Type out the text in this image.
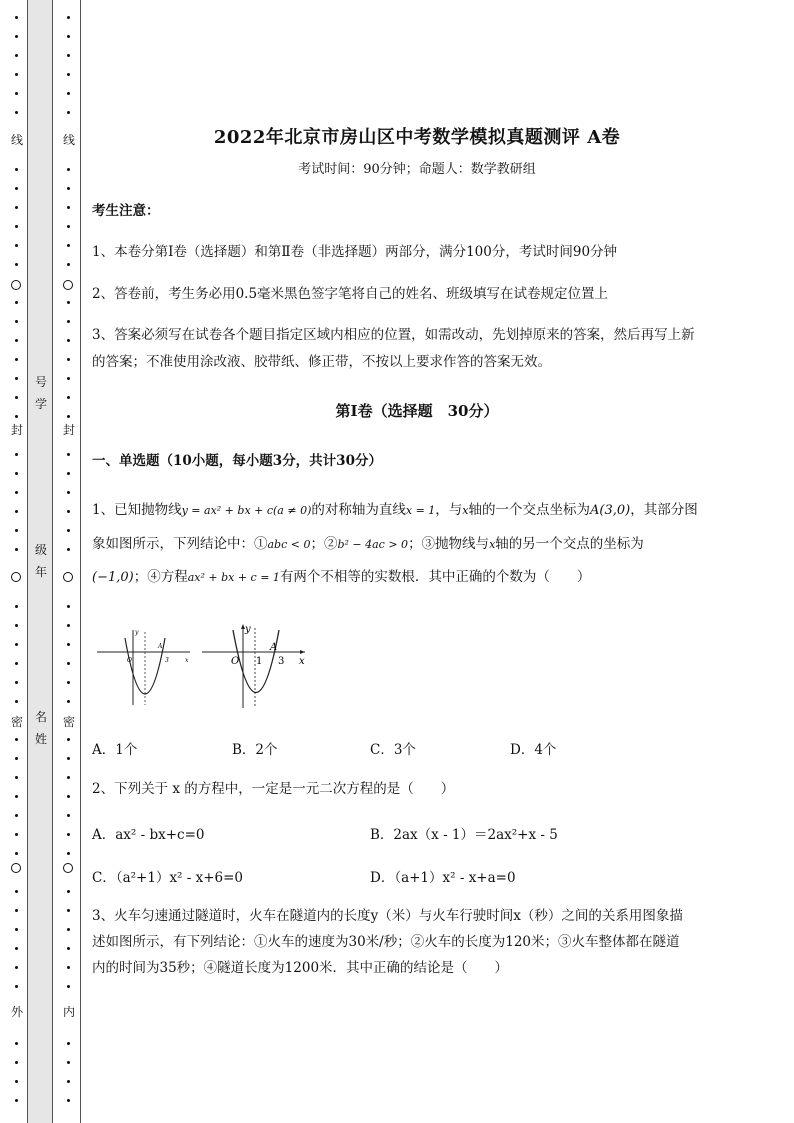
线
封
密
外
号
学
级
年
名
姓
线
封
密
内
2022年北京市房山区中考数学模拟真题测评 A卷
考试时间：90分钟；命题人：数学教研组
考生注意：
1、本卷分第Ⅰ卷（选择题）和第Ⅱ卷（非选择题）两部分，满分100分，考试时间90分钟
2、答卷前，考生务必用0.5毫米黑色签字笔将自己的姓名、班级填写在试卷规定位置上
3、答案必须写在试卷各个题目指定区域内相应的位置，如需改动，先划掉原来的答案，然后再写上新
的答案；不准使用涂改液、胶带纸、修正带，不按以上要求作答的答案无效。
第Ⅰ卷（选择题　30分）
一、单选题（10小题，每小题3分，共计30分）
1、已知抛物线y = ax² + bx + c(a ≠ 0)的对称轴为直线x = 1，与x轴的一个交点坐标为A(3,0)，其部分图
象如图所示，下列结论中：①abc < 0；②b² − 4ac > 0；③抛物线与x轴的另一个交点的坐标为
(−1,0)；④方程ax² + bx + c = 1有两个不相等的实数根．其中正确的个数为（　　）
y
O
A
3	x
y
O 1
A
3 x
A．1个	B．2个	C．3个	D．4个
2、下列关于 x 的方程中，一定是一元二次方程的是（　　）
A．ax² - bx+c=0	B．2ax（x - 1）＝2ax²+x - 5
C．（a²+1）x² - x+6=0	D．（a+1）x² - x+a=0
3、火车匀速通过隧道时，火车在隧道内的长度y（米）与火车行驶时间x（秒）之间的关系用图象描
述如图所示，有下列结论：①火车的速度为30米/秒；②火车的长度为120米；③火车整体都在隧道
内的时间为35秒；④隧道长度为1200米．其中正确的结论是（　　）
